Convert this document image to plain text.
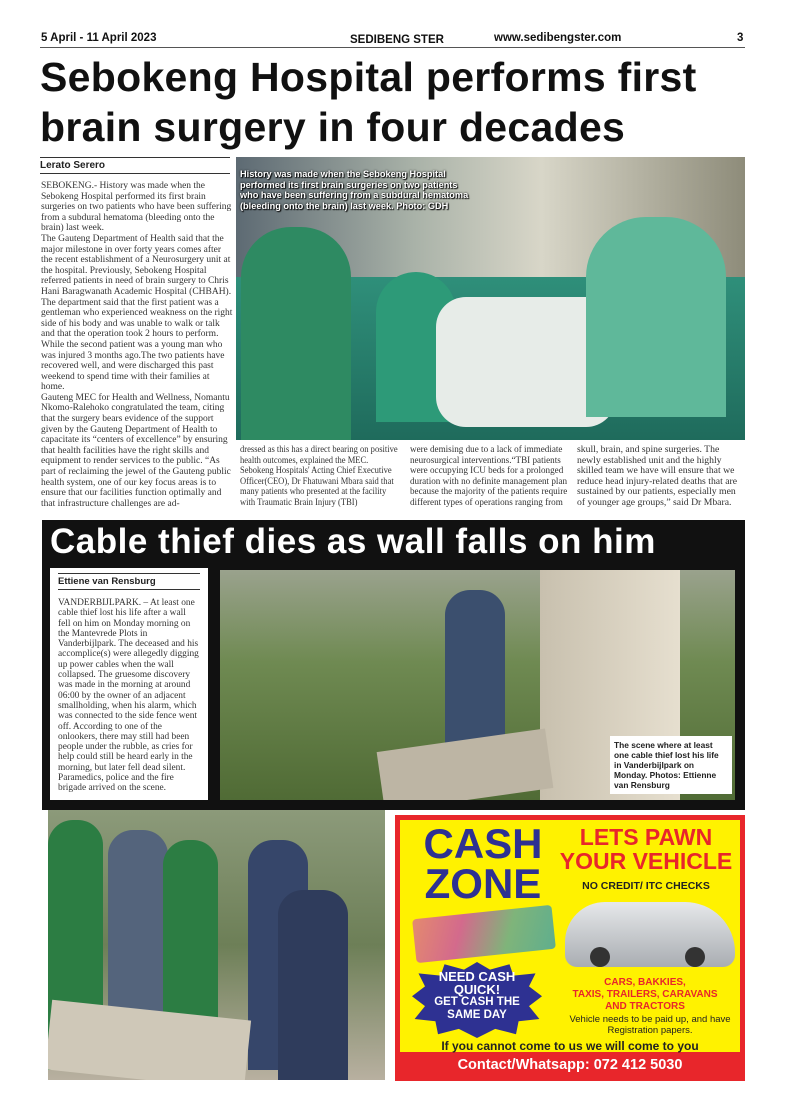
5 April - 11 April 2023	SEDIBENG STER	www.sedibengster.com	3
Sebokeng Hospital performs first brain surgery in four decades
Lerato Serero

SEBOKENG.- History was made when the Sebokeng Hospital performed its first brain surgeries on two patients who have been suffering from a subdural hematoma (bleeding onto the brain) last week.

The Gauteng Department of Health said that the major milestone in over forty years comes after the recent establishment of a Neurosurgery unit at the hospital. Previously, Sebokeng Hospital referred patients in need of brain surgery to Chris Hani Baragwanath Academic Hospital (CHBAH).

The department said that the first patient was a gentleman who experienced weakness on the right side of his body and was unable to walk or talk and that the operation took 2 hours to perform. While the second patient was a young man who was injured 3 months ago.The two patients have recovered well, and were discharged this past weekend to spend time with their families at home.

Gauteng MEC for Health and Wellness, Nomantu Nkomo-Ralehoko congratulated the team, citing that the surgery bears evidence of the support given by the Gauteng Department of Health to capacitate its “centers of excellence” by ensuring that health facilities have the right skills and equipment to render services to the public. “As part of reclaiming the jewel of the Gauteng public health system, one of our key focus areas is to ensure that our facilities function optimally and that infrastructure challenges are ad-

History was made when the Sebokeng Hospital performed its first brain surgeries on two patients who have been suffering from a subdural hematoma (bleeding onto the brain) last week. Photo: GDH
dressed as this has a direct bearing on positive health outcomes, explained the MEC. Sebokeng Hospitals' Acting Chief Executive Officer(CEO), Dr Fhatuwani Mbara said that many patients who presented at the facility with Traumatic Brain Injury (TBI)
were demising due to a lack of immediate neurosurgical interventions.“TBI patients were occupying ICU beds for a prolonged duration with no definite management plan because the majority of the patients require different types of operations ranging from
skull, brain, and spine surgeries. The newly established unit and the highly skilled team we have will ensure that we reduce head injury-related deaths that are sustained by our patients, especially men of younger age groups,” said Dr Mbara.
Cable thief dies as wall falls on him
Ettiene van Rensburg
VANDERBIJLPARK. – At least one cable thief lost his life after a wall fell on him on Monday morning on the Mantevrede Plots in Vanderbijlpark. The deceased and his accomplice(s) were allegedly digging up power cables when the wall collapsed. The gruesome discovery was made in the morning at around 06:00 by the owner of an adjacent smallholding, when his alarm, which was connected to the side fence went off. According to one of the onlookers, there may still had been people under the rubble, as cries for help could still be heard early in the morning, but later fell dead silent. Paramedics, police and the fire brigade arrived on the scene.
The scene where at least one cable thief lost his life in Vanderbijlpark on Monday. Photos: Ettienne van Rensburg
CASH
ZONE
NEED CASH
QUICK!
GET CASH THE
SAME DAY
LETS PAWN
YOUR VEHICLE
NO CREDIT/ ITC CHECKS
CARS, BAKKIES,
TAXIS, TRAILERS, CARAVANS
AND TRACTORS
Vehicle needs to be paid up, and have Registration papers.
If you cannot come to us we will come to you
Contact/Whatsapp: 072 412 5030
